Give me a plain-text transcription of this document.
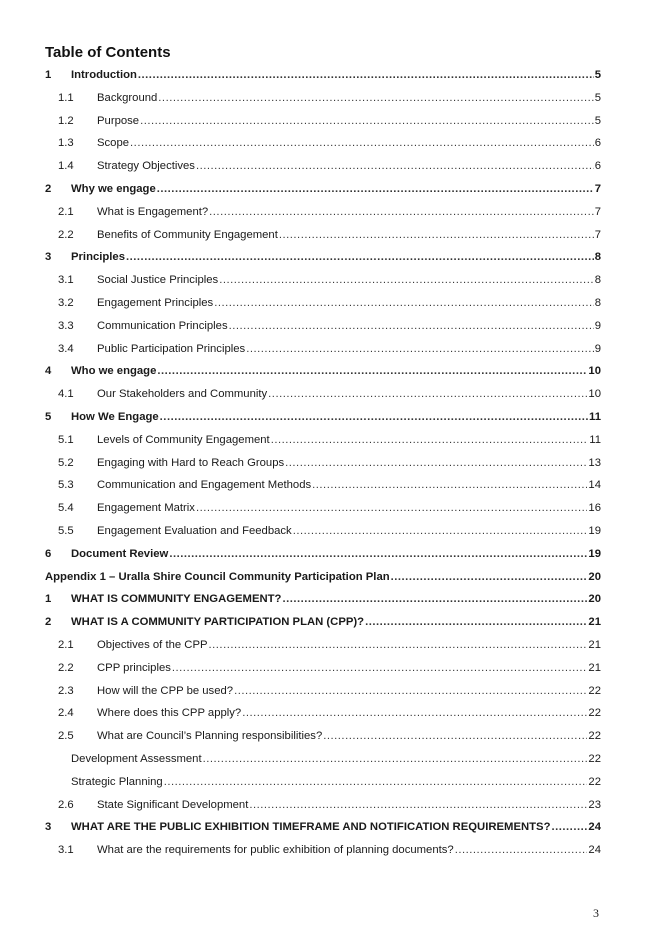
Table of Contents
1	Introduction .....	5
1.1	Background .....	5
1.2	Purpose .....	5
1.3	Scope .....	6
1.4	Strategy Objectives .....	6
2	Why we engage .....	7
2.1	What is Engagement? .....	7
2.2	Benefits of Community Engagement .....	7
3	Principles .....	8
3.1	Social Justice Principles .....	8
3.2	Engagement Principles .....	8
3.3	Communication Principles .....	9
3.4	Public Participation Principles .....	9
4	Who we engage .....	10
4.1	Our Stakeholders and Community .....	10
5	How We Engage .....	11
5.1	Levels of Community Engagement .....	11
5.2	Engaging with Hard to Reach Groups .....	13
5.3	Communication and Engagement Methods .....	14
5.4	Engagement Matrix .....	16
5.5	Engagement Evaluation and Feedback .....	19
6	Document Review .....	19
Appendix 1 – Uralla Shire Council Community Participation Plan .....	20
1	WHAT IS COMMUNITY ENGAGEMENT? .....	20
2	WHAT IS A COMMUNITY PARTICIPATION PLAN (CPP)? .....	21
2.1	Objectives of the CPP .....	21
2.2	CPP principles .....	21
2.3	How will the CPP be used? .....	22
2.4	Where does this CPP apply? .....	22
2.5	What are Council’s Planning responsibilities? .....	22
Development Assessment .....	22
Strategic Planning .....	22
2.6	State Significant Development .....	23
3	WHAT ARE THE PUBLIC EXHIBITION TIMEFRAME AND NOTIFICATION REQUIREMENTS? .....	24
3.1	What are the requirements for public exhibition of planning documents? .....	24
3
